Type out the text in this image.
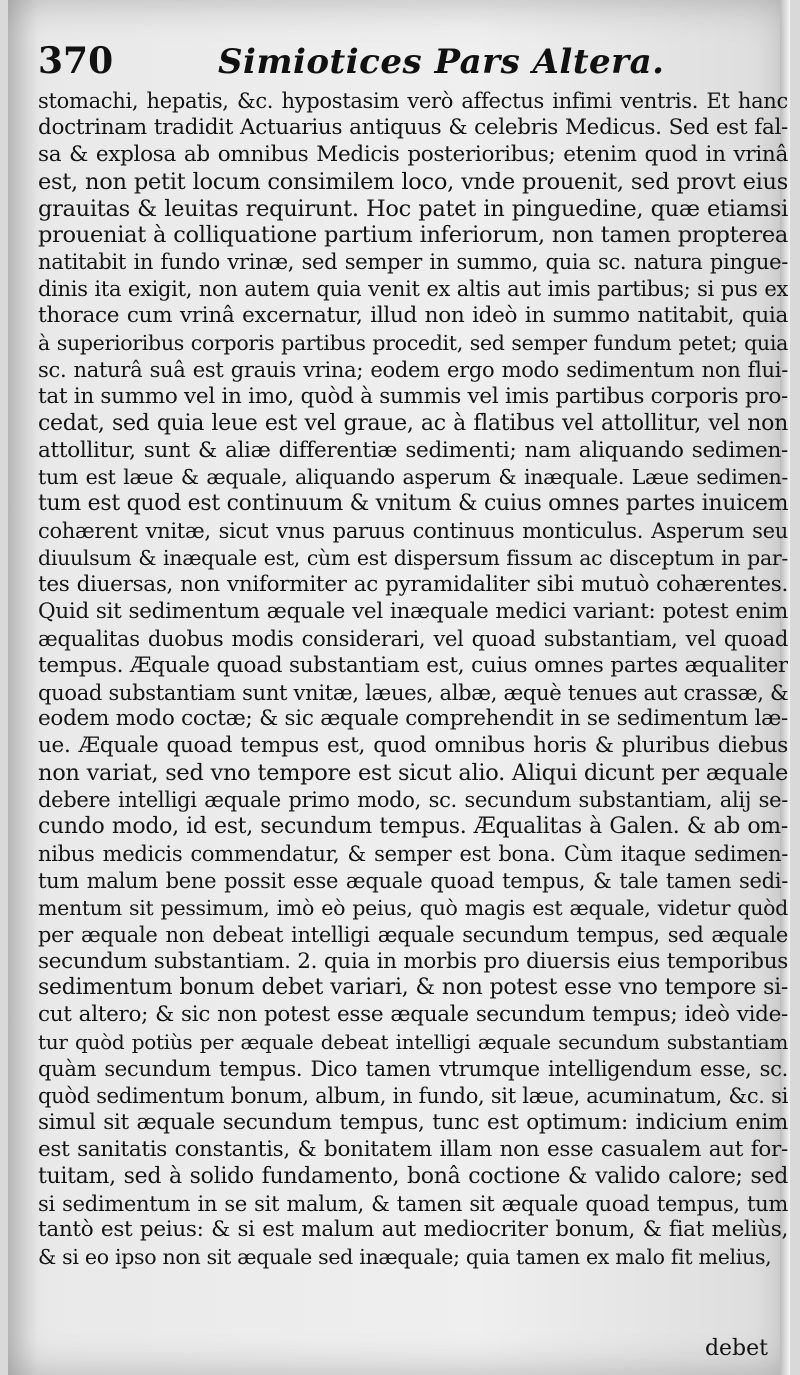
370	Simiotices Pars Altera.
stomachi, hepatis, &c. hypostasim verò affectus infimi ventris. Et hanc
doctrinam tradidit Actuarius antiquus & celebris Medicus. Sed est fal-
sa & explosa ab omnibus Medicis posterioribus; etenim quod in vrinâ
est, non petit locum consimilem loco, vnde prouenit, sed provt eius
grauitas & leuitas requirunt. Hoc patet in pinguedine, quæ etiamsi
proueniat à colliquatione partium inferiorum, non tamen propterea
natitabit in fundo vrinæ, sed semper in summo, quia sc. natura pingue-
dinis ita exigit, non autem quia venit ex altis aut imis partibus; si pus ex
thorace cum vrinâ excernatur, illud non ideò in summo natitabit, quia
à superioribus corporis partibus procedit, sed semper fundum petet; quia
sc. naturâ suâ est grauis vrina; eodem ergo modo sedimentum non flui-
tat in summo vel in imo, quòd à summis vel imis partibus corporis pro-
cedat, sed quia leue est vel graue, ac à flatibus vel attollitur, vel non
attollitur, sunt & aliæ differentiæ sedimenti; nam aliquando sedimen-
tum est læue & æquale, aliquando asperum & inæquale. Læue sedimen-
tum est quod est continuum & vnitum & cuius omnes partes inuicem
cohærent vnitæ, sicut vnus paruus continuus monticulus. Asperum seu
diuulsum & inæquale est, cùm est dispersum fissum ac disceptum in par-
tes diuersas, non vniformiter ac pyramidaliter sibi mutuò cohærentes.
Quid sit sedimentum æquale vel inæquale medici variant: potest enim
æqualitas duobus modis considerari, vel quoad substantiam, vel quoad
tempus. Æquale quoad substantiam est, cuius omnes partes æqualiter
quoad substantiam sunt vnitæ, læues, albæ, æquè tenues aut crassæ, &
eodem modo coctæ; & sic æquale comprehendit in se sedimentum læ-
ue. Æquale quoad tempus est, quod omnibus horis & pluribus diebus
non variat, sed vno tempore est sicut alio. Aliqui dicunt per æquale
debere intelligi æquale primo modo, sc. secundum substantiam, alij se-
cundo modo, id est, secundum tempus. Æqualitas à Galen. & ab om-
nibus medicis commendatur, & semper est bona. Cùm itaque sedimen-
tum malum bene possit esse æquale quoad tempus, & tale tamen sedi-
mentum sit pessimum, imò eò peius, quò magis est æquale, videtur quòd
per æquale non debeat intelligi æquale secundum tempus, sed æquale
secundum substantiam. 2. quia in morbis pro diuersis eius temporibus
sedimentum bonum debet variari, & non potest esse vno tempore si-
cut altero; & sic non potest esse æquale secundum tempus; ideò vide-
tur quòd potiùs per æquale debeat intelligi æquale secundum substantiam
quàm secundum tempus. Dico tamen vtrumque intelligendum esse, sc.
quòd sedimentum bonum, album, in fundo, sit læue, acuminatum, &c. si
simul sit æquale secundum tempus, tunc est optimum: indicium enim
est sanitatis constantis, & bonitatem illam non esse casualem aut for-
tuitam, sed à solido fundamento, bonâ coctione & valido calore; sed
si sedimentum in se sit malum, & tamen sit æquale quoad tempus, tum
tantò est peius: & si est malum aut mediocriter bonum, & fiat meliùs,
& si eo ipso non sit æquale sed inæquale; quia tamen ex malo fit melius,
debet
